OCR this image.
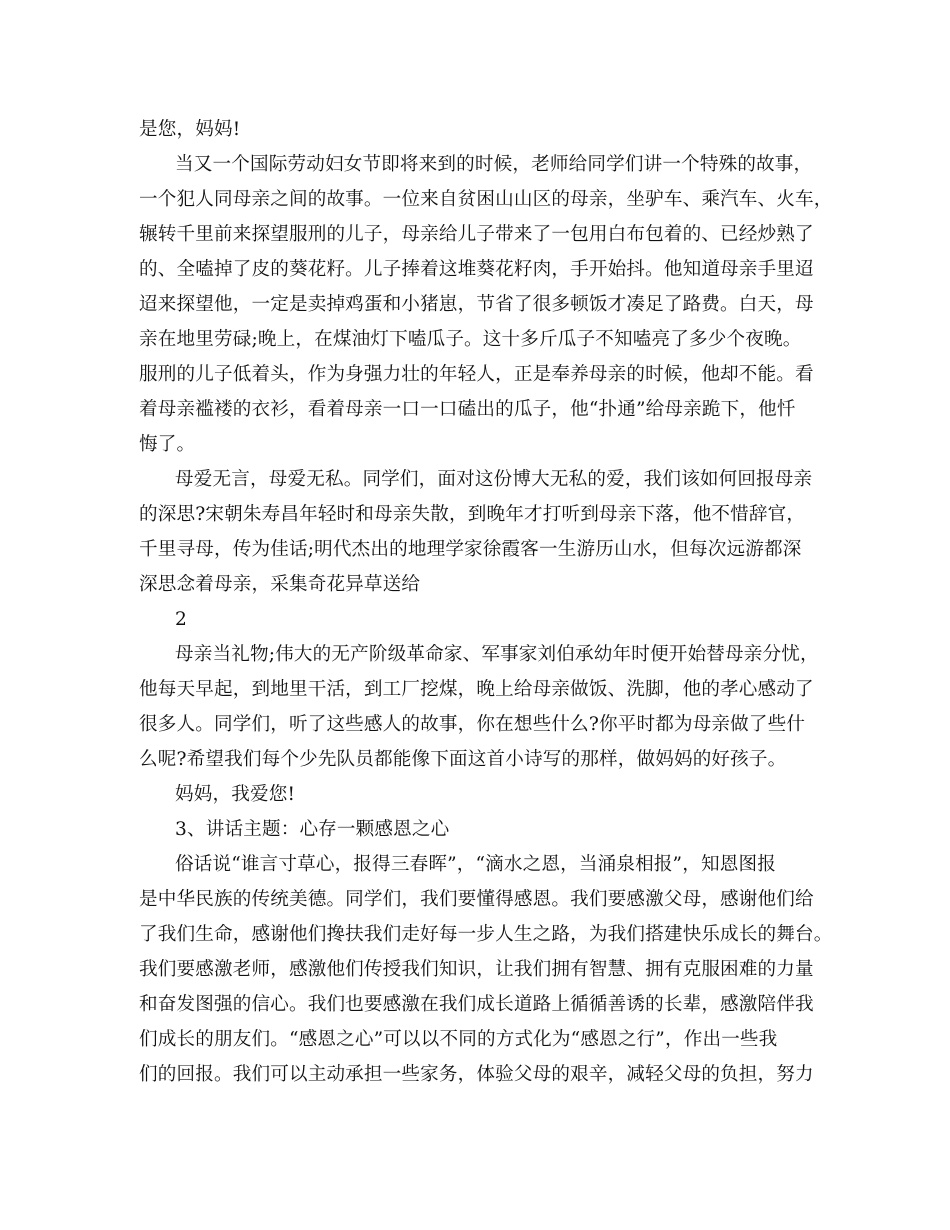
是您，妈妈!
当又一个国际劳动妇女节即将来到的时候，老师给同学们讲一个特殊的故事，
一个犯人同母亲之间的故事。一位来自贫困山山区的母亲，坐驴车、乘汽车、火车，
辗转千里前来探望服刑的儿子，母亲给儿子带来了一包用白布包着的、已经炒熟了
的、全嗑掉了皮的葵花籽。儿子捧着这堆葵花籽肉，手开始抖。他知道母亲手里迢
迢来探望他，一定是卖掉鸡蛋和小猪崽，节省了很多顿饭才凑足了路费。白天，母
亲在地里劳碌;晚上，在煤油灯下嗑瓜子。这十多斤瓜子不知嗑亮了多少个夜晚。
服刑的儿子低着头，作为身强力壮的年轻人，正是奉养母亲的时候，他却不能。看
着母亲褴褛的衣衫，看着母亲一口一口磕出的瓜子，他“扑通”给母亲跪下，他忏
悔了。
母爱无言，母爱无私。同学们，面对这份博大无私的爱，我们该如何回报母亲
的深思?宋朝朱寿昌年轻时和母亲失散，到晚年才打听到母亲下落，他不惜辞官，
千里寻母，传为佳话;明代杰出的地理学家徐霞客一生游历山水，但每次远游都深
深思念着母亲，采集奇花异草送给
2
母亲当礼物;伟大的无产阶级革命家、军事家刘伯承幼年时便开始替母亲分忧，
他每天早起，到地里干活，到工厂挖煤，晚上给母亲做饭、洗脚，他的孝心感动了
很多人。同学们，听了这些感人的故事，你在想些什么?你平时都为母亲做了些什
么呢?希望我们每个少先队员都能像下面这首小诗写的那样，做妈妈的好孩子。
妈妈，我爱您!
3、讲话主题：心存一颗感恩之心
俗话说“谁言寸草心，报得三春晖”，“滴水之恩，当涌泉相报”，知恩图报
是中华民族的传统美德。同学们，我们要懂得感恩。我们要感激父母，感谢他们给
了我们生命，感谢他们搀扶我们走好每一步人生之路，为我们搭建快乐成长的舞台。
我们要感激老师，感激他们传授我们知识，让我们拥有智慧、拥有克服困难的力量
和奋发图强的信心。我们也要感激在我们成长道路上循循善诱的长辈，感激陪伴我
们成长的朋友们。“感恩之心”可以以不同的方式化为“感恩之行”，作出一些我
们的回报。我们可以主动承担一些家务，体验父母的艰辛，减轻父母的负担，努力
